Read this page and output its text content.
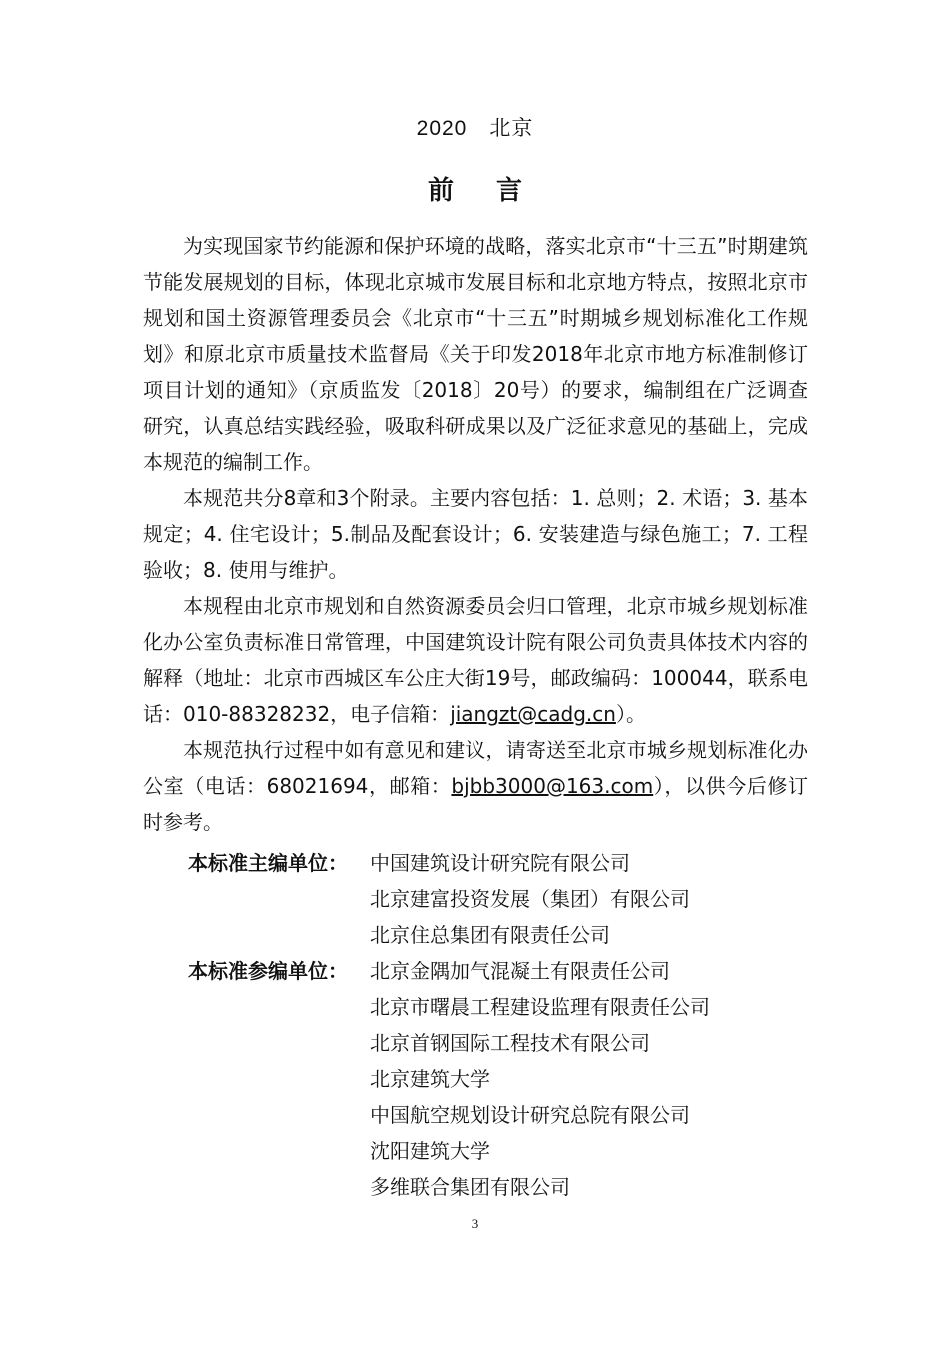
2020 北京
前言

为实现国家节约能源和保护环境的战略，落实北京市“十三五”时期建筑节能发展规划的目标，体现北京城市发展目标和北京地方特点，按照北京市规划和国土资源管理委员会《北京市“十三五”时期城乡规划标准化工作规划》和原北京市质量技术监督局《关于印发2018年北京市地方标准制修订项目计划的通知》（京质监发〔2018〕20号）的要求，编制组在广泛调查研究，认真总结实践经验，吸取科研成果以及广泛征求意见的基础上，完成本规范的编制工作。

本规范共分8章和3个附录。主要内容包括：1. 总则；2. 术语；3. 基本规定；4. 住宅设计；5.制品及配套设计；6. 安装建造与绿色施工；7. 工程验收；8. 使用与维护。

本规程由北京市规划和自然资源委员会归口管理，北京市城乡规划标准化办公室负责标准日常管理，中国建筑设计院有限公司负责具体技术内容的解释（地址：北京市西城区车公庄大街19号，邮政编码：100044，联系电话：010-88328232，电子信箱：jiangzt@cadg.cn）。

本规范执行过程中如有意见和建议，请寄送至北京市城乡规划标准化办公室（电话：68021694，邮箱：bjbb3000@163.com），以供今后修订时参考。

本标准主编单位：	中国建筑设计研究院有限公司
北京建富投资发展（集团）有限公司
北京住总集团有限责任公司
本标准参编单位：	北京金隅加气混凝土有限责任公司
北京市曙晨工程建设监理有限责任公司
北京首钢国际工程技术有限公司
北京建筑大学
中国航空规划设计研究总院有限公司
沈阳建筑大学
多维联合集团有限公司
3
